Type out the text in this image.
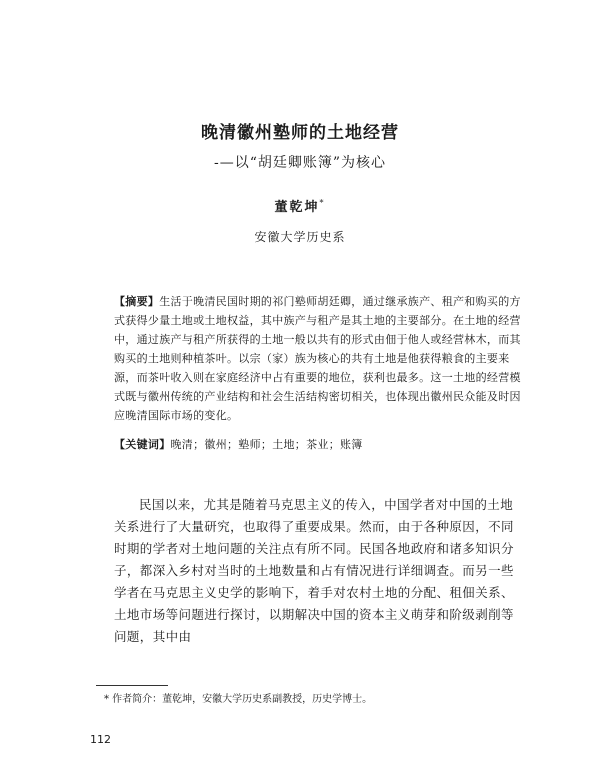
晚清徽州塾师的土地经营
-—以“胡廷卿账簿”为核心
董乾坤*
安徽大学历史系
【摘要】生活于晚清民国时期的祁门塾师胡廷卿，通过继承族产、租产和购买的方式获得少量土地或土地权益，其中族产与租产是其土地的主要部分。在土地的经营中，通过族产与租产所获得的土地一般以共有的形式由佃于他人或经营林木，而其购买的土地则种植茶叶。以宗（家）族为核心的共有土地是他获得粮食的主要来源，而茶叶收入则在家庭经济中占有重要的地位，获利也最多。这一土地的经营模式既与徽州传统的产业结构和社会生活结构密切相关，也体现出徽州民众能及时因应晚清国际市场的变化。
【关键词】晚清；徽州；塾师；土地；茶业；账簿
民国以来，尤其是随着马克思主义的传入，中国学者对中国的土地关系进行了大量研究，也取得了重要成果。然而，由于各种原因，不同时期的学者对土地问题的关注点有所不同。民国各地政府和诸多知识分子，都深入乡村对当时的土地数量和占有情况进行详细调查。而另一些学者在马克思主义史学的影响下，着手对农村土地的分配、租佃关系、土地市场等问题进行探讨，以期解决中国的资本主义萌芽和阶级剥削等问题，其中由
* 作者简介：董乾坤，安徽大学历史系副教授，历史学博士。
112
